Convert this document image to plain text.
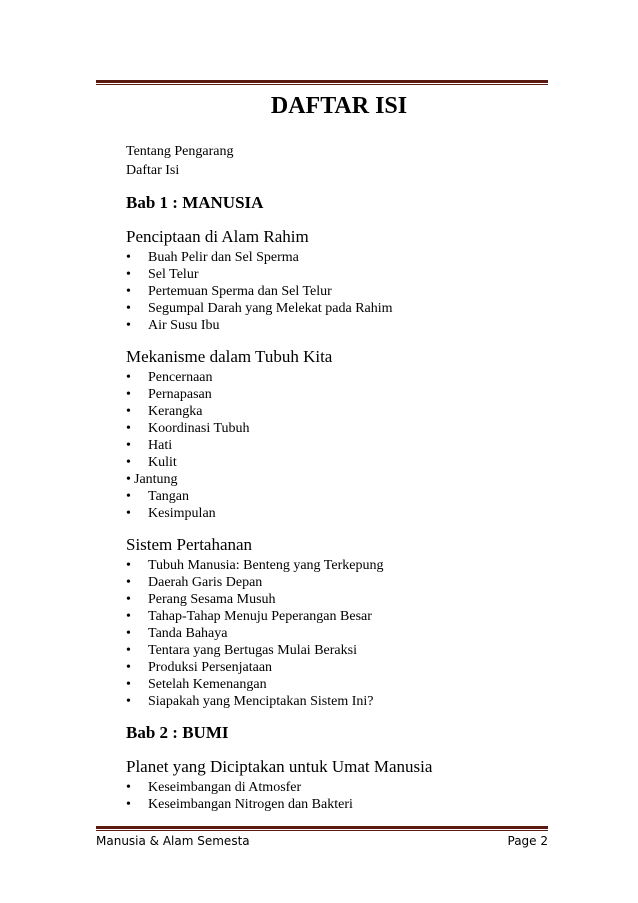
DAFTAR ISI
Tentang Pengarang
Daftar Isi
Bab 1 : MANUSIA
Penciptaan di Alam Rahim
• Buah Pelir dan Sel Sperma
• Sel Telur
• Pertemuan Sperma dan Sel Telur
• Segumpal Darah yang Melekat pada Rahim
• Air Susu Ibu
Mekanisme dalam Tubuh Kita
• Pencernaan
• Pernapasan
• Kerangka
• Koordinasi Tubuh
• Hati
• Kulit
• Jantung
• Tangan
• Kesimpulan
Sistem Pertahanan
• Tubuh Manusia: Benteng yang Terkepung
• Daerah Garis Depan
• Perang Sesama Musuh
• Tahap-Tahap Menuju Peperangan Besar
• Tanda Bahaya
• Tentara yang Bertugas Mulai Beraksi
• Produksi Persenjataan
• Setelah Kemenangan
• Siapakah yang Menciptakan Sistem Ini?
Bab 2 : BUMI
Planet yang Diciptakan untuk Umat Manusia
• Keseimbangan di Atmosfer
• Keseimbangan Nitrogen dan Bakteri
Manusia & Alam Semesta	Page 2
